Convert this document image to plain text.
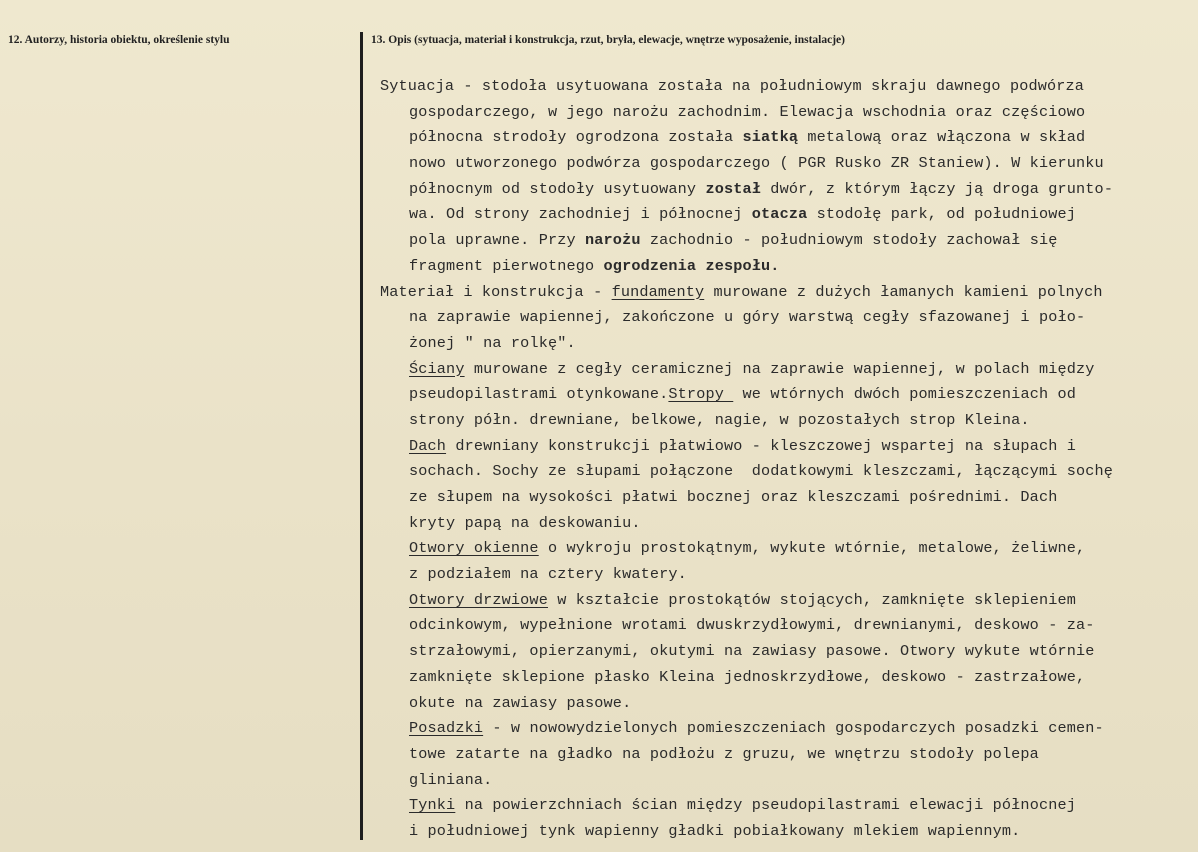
12. Autorzy, historia obiektu, określenie stylu	13. Opis (sytuacja, materiał i konstrukcja, rzut, bryła, elewacje, wnętrze wyposażenie, instalacje)
Sytuacja - stodoła usytuowana została na południowym skraju dawnego podwórza
gospodarczego, w jego narożu zachodnim. Elewacja wschodnia oraz częściowo
północna strodoły ogrodzona została siatką metalową oraz włączona w skład
nowo utworzonego podwórza gospodarczego ( PGR Rusko ZR Staniew). W kierunku
północnym od stodoły usytuowany został dwór, z którym łączy ją droga grunto-
wa. Od strony zachodniej i północnej otacza stodołę park, od południowej
pola uprawne. Przy narożu zachodnio - południowym stodoły zachował się
fragment pierwotnego ogrodzenia zespołu.
Materiał i konstrukcja - fundamenty murowane z dużych łamanych kamieni polnych
na zaprawie wapiennej, zakończone u góry warstwą cegły sfazowanej i poło-
żonej " na rolkę".
Ściany murowane z cegły ceramicznej na zaprawie wapiennej, w polach między
pseudopilastrami otynkowane.Stropy  we wtórnych dwóch pomieszczeniach od
strony półn. drewniane, belkowe, nagie, w pozostałych strop Kleina.
Dach drewniany konstrukcji płatwiowo - kleszczowej wspartej na słupach i
sochach. Sochy ze słupami połączone  dodatkowymi kleszczami, łączącymi sochę
ze słupem na wysokości płatwi bocznej oraz kleszczami pośrednimi. Dach
kryty papą na deskowaniu.
Otwory okienne o wykroju prostokątnym, wykute wtórnie, metalowe, żeliwne,
z podziałem na cztery kwatery.
Otwory drzwiowe w kształcie prostokątów stojących, zamknięte sklepieniem
odcinkowym, wypełnione wrotami dwuskrzydłowymi, drewnianymi, deskowo - za-
strzałowymi, opierzanymi, okutymi na zawiasy pasowe. Otwory wykute wtórnie
zamknięte sklepione płasko Kleina jednoskrzydłowe, deskowo - zastrzałowe,
okute na zawiasy pasowe.
Posadzki - w nowowydzielonych pomieszczeniach gospodarczych posadzki cemen-
towe zatarte na gładko na podłożu z gruzu, we wnętrzu stodoły polepa
gliniana.
Tynki na powierzchniach ścian między pseudopilastrami elewacji północnej
i południowej tynk wapienny gładki pobiałkowany mlekiem wapiennym.
